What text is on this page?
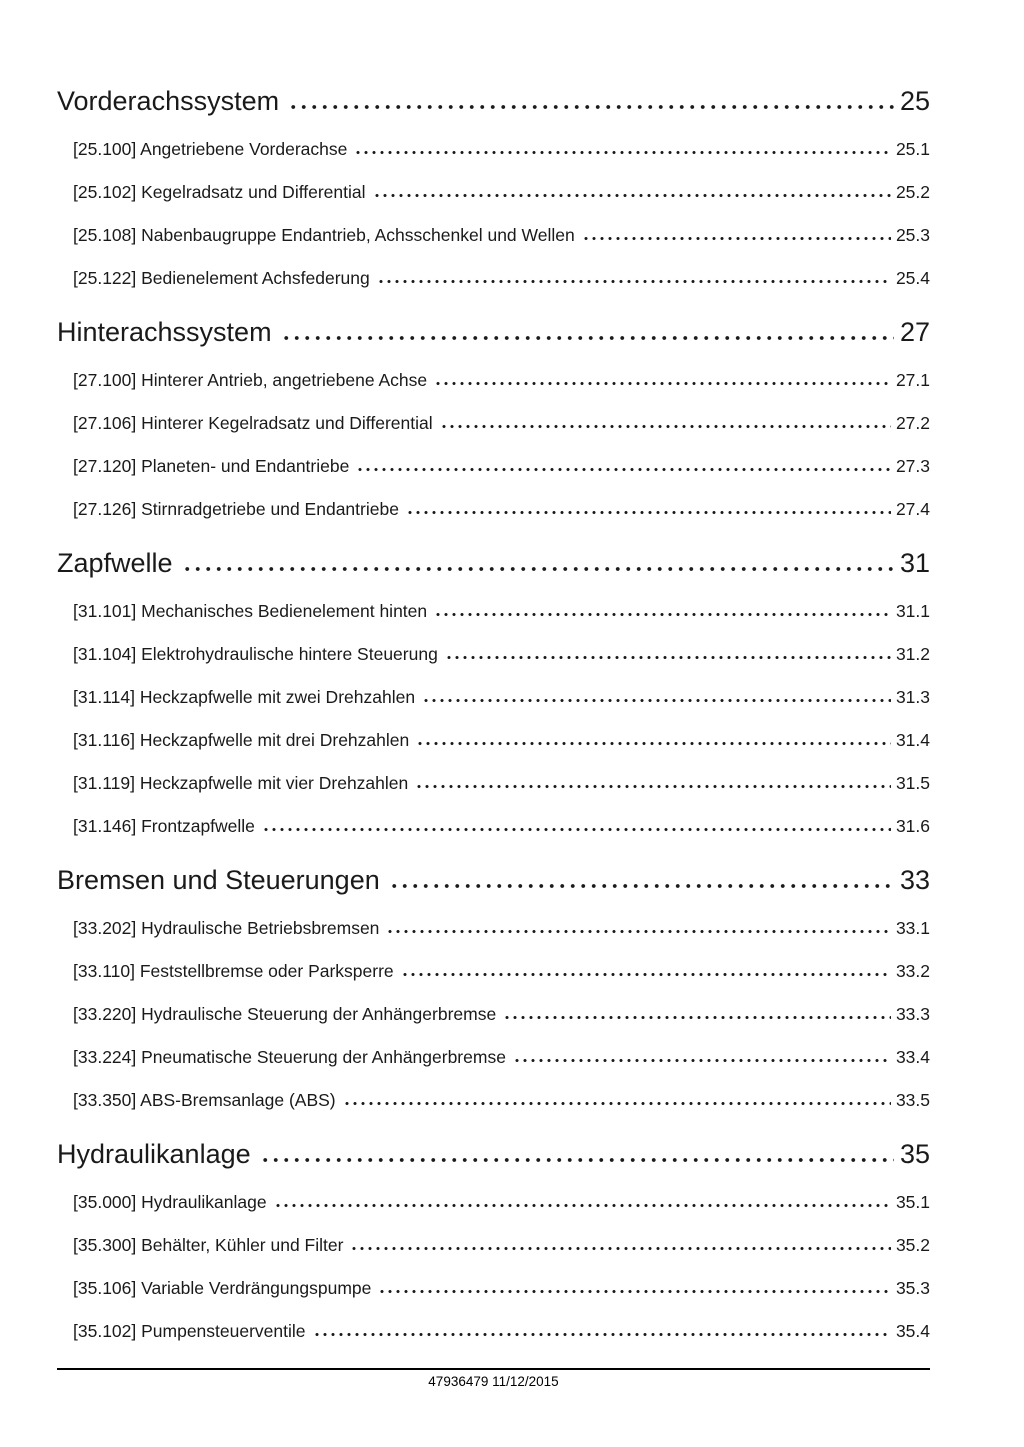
Vorderachssystem	25
[25.100] Angetriebene Vorderachse	25.1
[25.102] Kegelradsatz und Differential	25.2
[25.108] Nabenbaugruppe Endantrieb, Achsschenkel und Wellen	25.3
[25.122] Bedienelement Achsfederung	25.4
Hinterachssystem	27
[27.100] Hinterer Antrieb, angetriebene Achse	27.1
[27.106] Hinterer Kegelradsatz und Differential	27.2
[27.120] Planeten- und Endantriebe	27.3
[27.126] Stirnradgetriebe und Endantriebe	27.4
Zapfwelle	31
[31.101] Mechanisches Bedienelement hinten	31.1
[31.104] Elektrohydraulische hintere Steuerung	31.2
[31.114] Heckzapfwelle mit zwei Drehzahlen	31.3
[31.116] Heckzapfwelle mit drei Drehzahlen	31.4
[31.119] Heckzapfwelle mit vier Drehzahlen	31.5
[31.146] Frontzapfwelle	31.6
Bremsen und Steuerungen	33
[33.202] Hydraulische Betriebsbremsen	33.1
[33.110] Feststellbremse oder Parksperre	33.2
[33.220] Hydraulische Steuerung der Anhängerbremse	33.3
[33.224] Pneumatische Steuerung der Anhängerbremse	33.4
[33.350] ABS-Bremsanlage (ABS)	33.5
Hydraulikanlage	35
[35.000] Hydraulikanlage	35.1
[35.300] Behälter, Kühler und Filter	35.2
[35.106] Variable Verdrängungspumpe	35.3
[35.102] Pumpensteuerventile	35.4
47936479 11/12/2015
